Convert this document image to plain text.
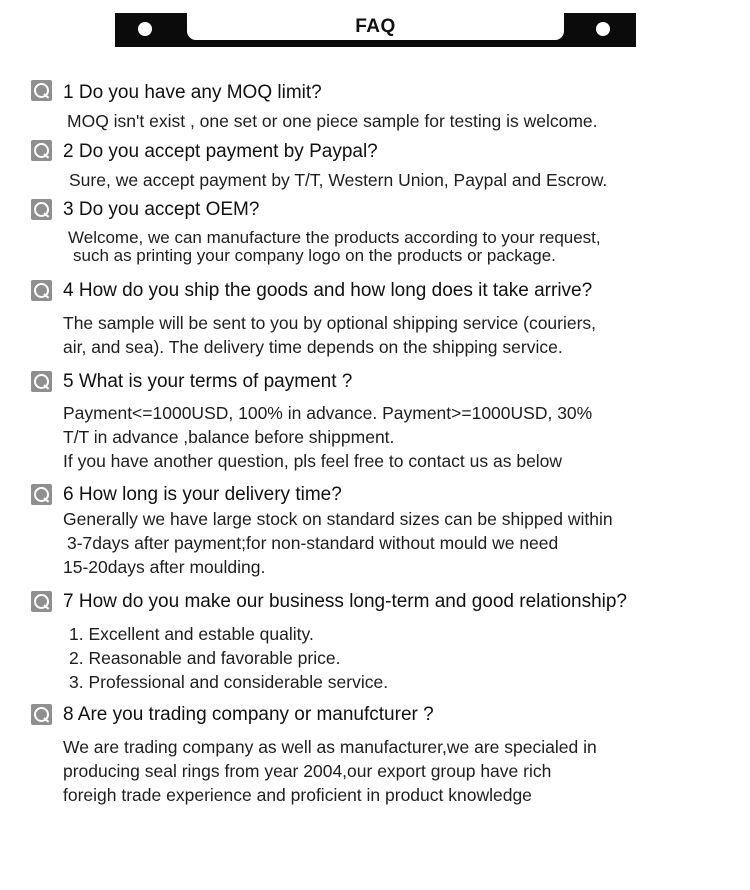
FAQ
1 Do you have any MOQ limit?
MOQ isn't exist , one set or one piece sample for testing is welcome.
2 Do you accept payment by Paypal?
Sure, we accept payment by T/T, Western Union, Paypal and Escrow.
3 Do you accept OEM?
Welcome, we can manufacture the products according to your request,
such as printing your company logo on the products or package.
4 How do you ship the goods and how long does it take arrive?
The sample will be sent to you by optional shipping service (couriers,
air, and sea). The delivery time depends on the shipping service.
5 What is your terms of payment ?
Payment<=1000USD, 100% in advance. Payment>=1000USD, 30%
T/T in advance ,balance before shippment.
If you have another question, pls feel free to contact us as below
6 How long is your delivery time?
Generally we have large stock on standard sizes can be shipped within
3-7days after payment;for non-standard without mould we need
15-20days after moulding.
7 How do you make our business long-term and good relationship?
1. Excellent and estable quality.
2. Reasonable and favorable price.
3. Professional and considerable service.
8 Are you trading company or manufcturer ?
We are trading company as well as manufacturer,we are specialed in
producing seal rings from year 2004,our export group have rich
foreigh trade experience and proficient in product knowledge
